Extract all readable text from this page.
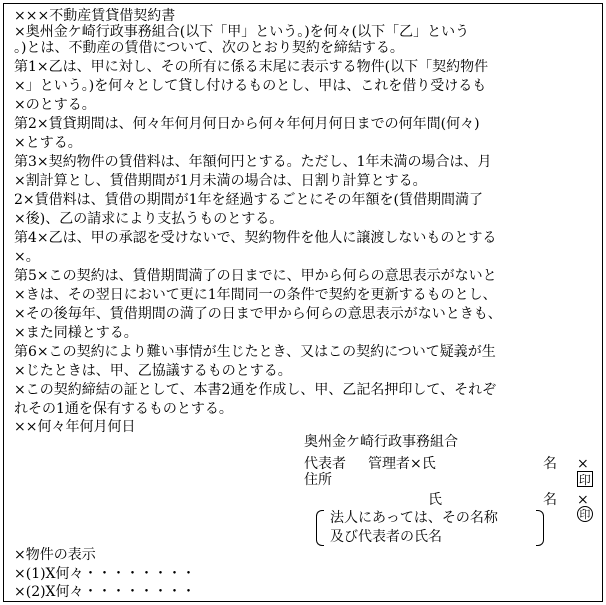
×××不動産賃貸借契約書
×奥州金ケ崎行政事務組合(以下「甲」という。)を何々(以下「乙」という
。)とは、不動産の賃借について、次のとおり契約を締結する。
第1×乙は、甲に対し、その所有に係る末尾に表示する物件(以下「契約物件
×」という。)を何々として貸し付けるものとし、甲は、これを借り受けるも
×のとする。
第2×賃貸期間は、何々年何月何日から何々年何月何日までの何年間(何々)
×とする。
第3×契約物件の賃借料は、年額何円とする。ただし、1年未満の場合は、月
×割計算とし、賃借期間が1月未満の場合は、日割り計算とする。
2×賃借料は、賃借の期間が1年を経過するごとにその年額を(賃借期間満了
×後)、乙の請求により支払うものとする。
第4×乙は、甲の承認を受けないで、契約物件を他人に譲渡しないものとする
×。
第5×この契約は、賃借期間満了の日までに、甲から何らの意思表示がないと
×きは、その翌日において更に1年間同一の条件で契約を更新するものとし、
×その後毎年、賃借期間の満了の日まで甲から何らの意思表示がないときも、
×また同様とする。
第6×この契約により難い事情が生じたとき、又はこの契約について疑義が生
×じたときは、甲、乙協議するものとする。
×この契約締結の証として、本書2通を作成し、甲、乙記名押印して、それぞ
れその1通を保有するものとする。
××何々年何月何日
奥州金ケ崎行政事務組合
代表者 管理者×氏	名

印

×
住所
氏	名

印

×
法人にあっては、その名称
及び代表者の氏名
×物件の表示
×(1)X何々・・・・・・・・
×(2)X何々・・・・・・・・
